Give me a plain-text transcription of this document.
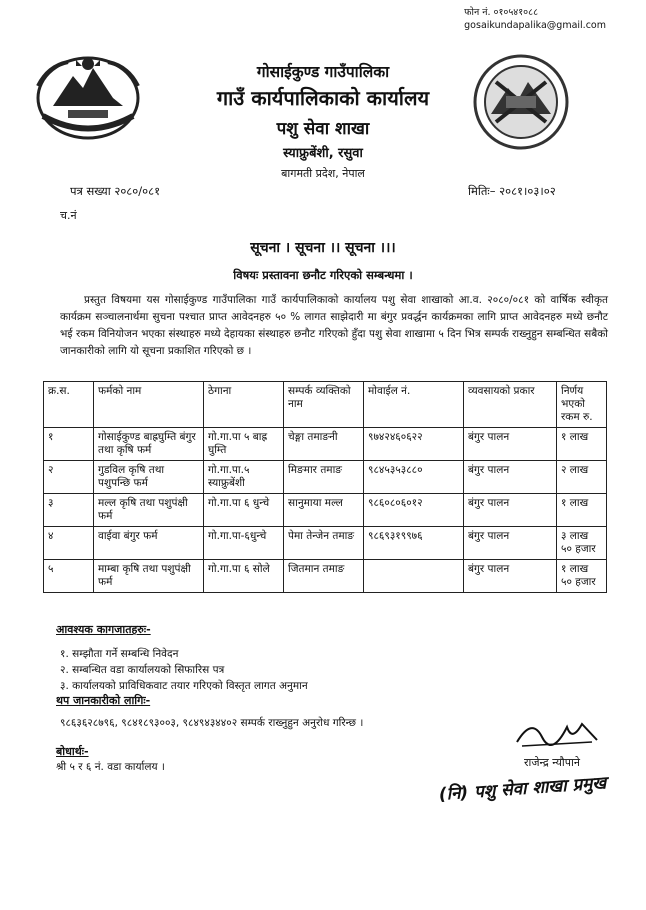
फोन नं. ०१०५४१०८८
gosaikundapalika@gmail.com
गोसाईकुण्ड गाउँपालिका
गाउँ कार्यपालिकाको कार्यालय
पशु सेवा शाखा
स्याफ्रुबेंशी, रसुवा
बागमती प्रदेश, नेपाल
पत्र सख्या २०८०/०८१
च.नं
मितिः– २०८१।०३।०२
सूचना । सूचना ।। सूचना ।।।
विषयः प्रस्तावना छनौट गरिएको सम्बन्धमा ।
प्रस्तुत विषयमा यस गोसाईकुण्ड गाउँपालिका गाउँ कार्यपालिकाको कार्यालय पशु सेवा शाखाको आ.व. २०८०/०८१ को वार्षिक स्वीकृत कार्यक्रम सञ्चालनार्थमा सुचना पश्चात प्राप्त आवेदनहरु ५० % लागत साझेदारी मा बंगुर प्रवर्द्धन कार्यक्रमका लागि प्राप्त आवेदनहरु मध्ये छनौट भई रकम विनियोजन भएका संस्थाहरु मध्ये देहायका संस्थाहरु छनौट गरिएको हुँदा पशु सेवा शाखामा ५ दिन भित्र सम्पर्क राख्नुहुन सम्बन्धित सबैको जानकारीको लागि यो सूचना प्रकाशित गरिएको छ ।
क्र.स.	फर्मको नाम	ठेगाना	सम्पर्क व्यक्तिको नाम	मोवाईल नं.	व्यवसायको प्रकार	निर्णय भएको रकम रु.
१	गोसाईकुण्ड बाह्रघुम्ति बंगुर तथा कृषि फर्म	गो.गा.पा ५ बाह्र घुम्ति	चेङ्गा तमाङनी	९७४२४६०६२२	बंगुर पालन	१ लाख
२	गुडविल कृषि तथा पशुपन्छि फर्म	गो.गा.पा.५ स्याफ्रुबेंशी	मिङमार तमाङ	९८४५३५३८८०	बंगुर पालन	२ लाख
३	मल्ल कृषि तथा पशुपंक्षी फर्म	गो.गा.पा ६ धुन्चे	सानुमाया मल्ल	९८६०८०६०१२	बंगुर पालन	१ लाख
४	वाईवा बंगुर फर्म	गो.गा.पा-६धुन्चे	पेमा तेन्जेन तमाङ	९८६९३१९९७६	बंगुर पालन	३ लाख ५० हजार
५	माम्बा कृषि तथा पशुपंक्षी फर्म	गो.गा.पा ६ सोले	जितमान तमाङ		बंगुर पालन	१ लाख ५० हजार
आवश्यक कागजातहरुः-
१. सम्झौता गर्ने सम्बन्धि निवेदन
२. सम्बन्धित वडा कार्यालयको सिफारिस पत्र
३. कार्यालयको प्राविधिकवाट तयार गरिएको विस्तृत लागत अनुमान
थप जानकारीको लागिः-
९८६३६२८७९६, ९८४१८९३००३, ९८४९४३४४०२ सम्पर्क राख्नुहुन अनुरोध गरिन्छ ।
बोधार्थः-
श्री ५ र ६ नं. वडा कार्यालय ।	राजेन्द्र न्यौपाने
(नि) पशु सेवा शाखा प्रमुख
